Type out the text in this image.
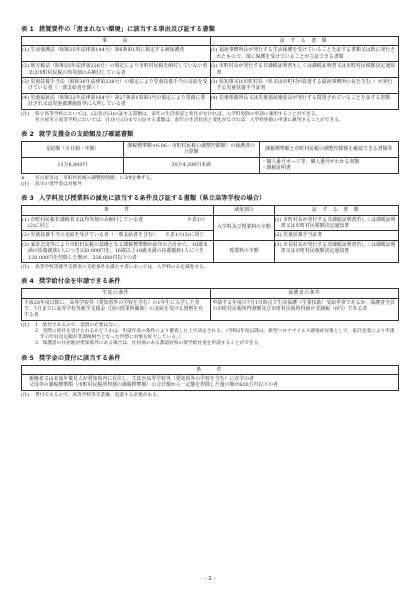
表 1 措置要件の「恵まれない環境」に該当する事由及び証する書類
事　　由	証 す る 書 類
(1) 生活保護法（昭和25年法律第144号）第6条第1項に規定する被保護者	(1) 福祉事務所長が発行する生活保護を受けていることを証する書類又は既に発行されたもので、現に保護を受けていることが立証できる書類
(2) 地方税法（昭和25年法律第226号）の規定により市町村民税を納付していない者又は市町村民税の均等割のみ納付している者	(2) 市町村長が発行する非課税証明書もしくは課税証明書又は市町村民税額決定通知書
(3) 児童扶養手当法（昭和36年法律第238号）の規定により児童扶養手当の支給を受けている者（一部支給者を除く）	(3) 県知事又は市町村長（県又は市町村が設置する福祉事務所の長を含む。）が発行する児童扶養手当証書
(4) 児童福祉法（昭和22年法律第164号）第27条第1項第3号の規定により里親に委託され又は児童養護施設等に入所している者	(4) 児童相談所長又は児童福祉施設長が発行する措置されていることを証する書類
(注)	県立高等学校においては、(2)及び(3)の証する書類は、前年の生活状況と変化がなければ、入学料免除の申請に兼用することができる。
名古屋市立高等学校においては、(1)から(3)までの証する書類は、前年の生活状況と変化がなければ、入学料免除の申請に兼用することができる。
表 2 就学支援金の支給額及び確認書類
支給額（全日制・年額）	課税標準額×6.06－市町村民税の調整控除額）の保護者の合算額	課税標準額と市町村民税の調整控除額を確認できる書類等
11万8,800円	30万4,200円未満	・個人番号カード等、個人番号がわかる書類
・課税証明書
※	名古屋市は「市町村民税の調整控除額」に3/4を乗ずる。
(注)	高卒の奨学金は対象外
表 3 入学料及び授業料の減免に該当する条件及び証する書類（県立高等学校の場合）
条　　件	減免割合	証 す る 書 類
(1) 市町村民税非課税者又は均等割のみ納付している者　　　　　　　　　※表1の(2)に同じ	入学料及び授業料の全額	(1) 市町村長が発行する非課税証明書若しくは課税証明書又は市町村民税額決定通知書
(2) 児童扶養手当の支給を受けている者（一部支給者を含む）　　※表1の(3)に同じ		(2) 児童扶養手当証書
(3) 家計急変等により市町村民税の基礎となる課税標準額が前年の合計から、16歳未満の扶養親族1人につき330,000円を、16歳以上19歳未満の扶養親族1人につき120,000円を控除した額が、336,000円以下の者	授業料の半額	(3) 市長村長が発行する非課税証明書若しくは課税証明書又は市町村民税額決定通知書
(注)	高等学校等就学支援金の支給条件を満たす者にあっては、入学料のみを減免する。
表 4 奨学給付金を申請できる条件
生徒の条件	保護者の条件
平成28年度以降に、高等学校等（愛知県外の学校を含む）の1年生に入学した者で、7月までに高等学校等就学支援金（国の授業料補助）の支給を受ける資格を有する者	申請する年度の7月1日時点で生活保護（生業扶助）受給世帯であるか、保護者全員の市町村民税所得割額及び市町村民税所得割が非課税（0円）である者
(注)	1　給付であるので、返済の必要はない。
2　実際に給付を受けられるかどうかは、申請年度の条件により審査した上で決定される。（令和2年度以降は、新型コロナウイルス感染症対策として、家計急変により申請年の年収見込額が非課税相当となった世帯に対象を拡大している。）
3　保護者の住居地が愛知県外にある場合は、住居地のある都道府県の奨学給付金を申請することができる。
表 5 奨学金の貸付に該当する条件
条　　件

親権者又は未成年後見人が愛知県内に在住し、生徒が高等学校等（愛知県外の学校を含む）に在学の者
父母等の課税標準額（市町村民税所得割の課税標準額）の合計額から一定額を控除した後の額が830万円以下の者
(注)	貸付であるので、高等学校等卒業後、返還する必要がある。
- 2 -
